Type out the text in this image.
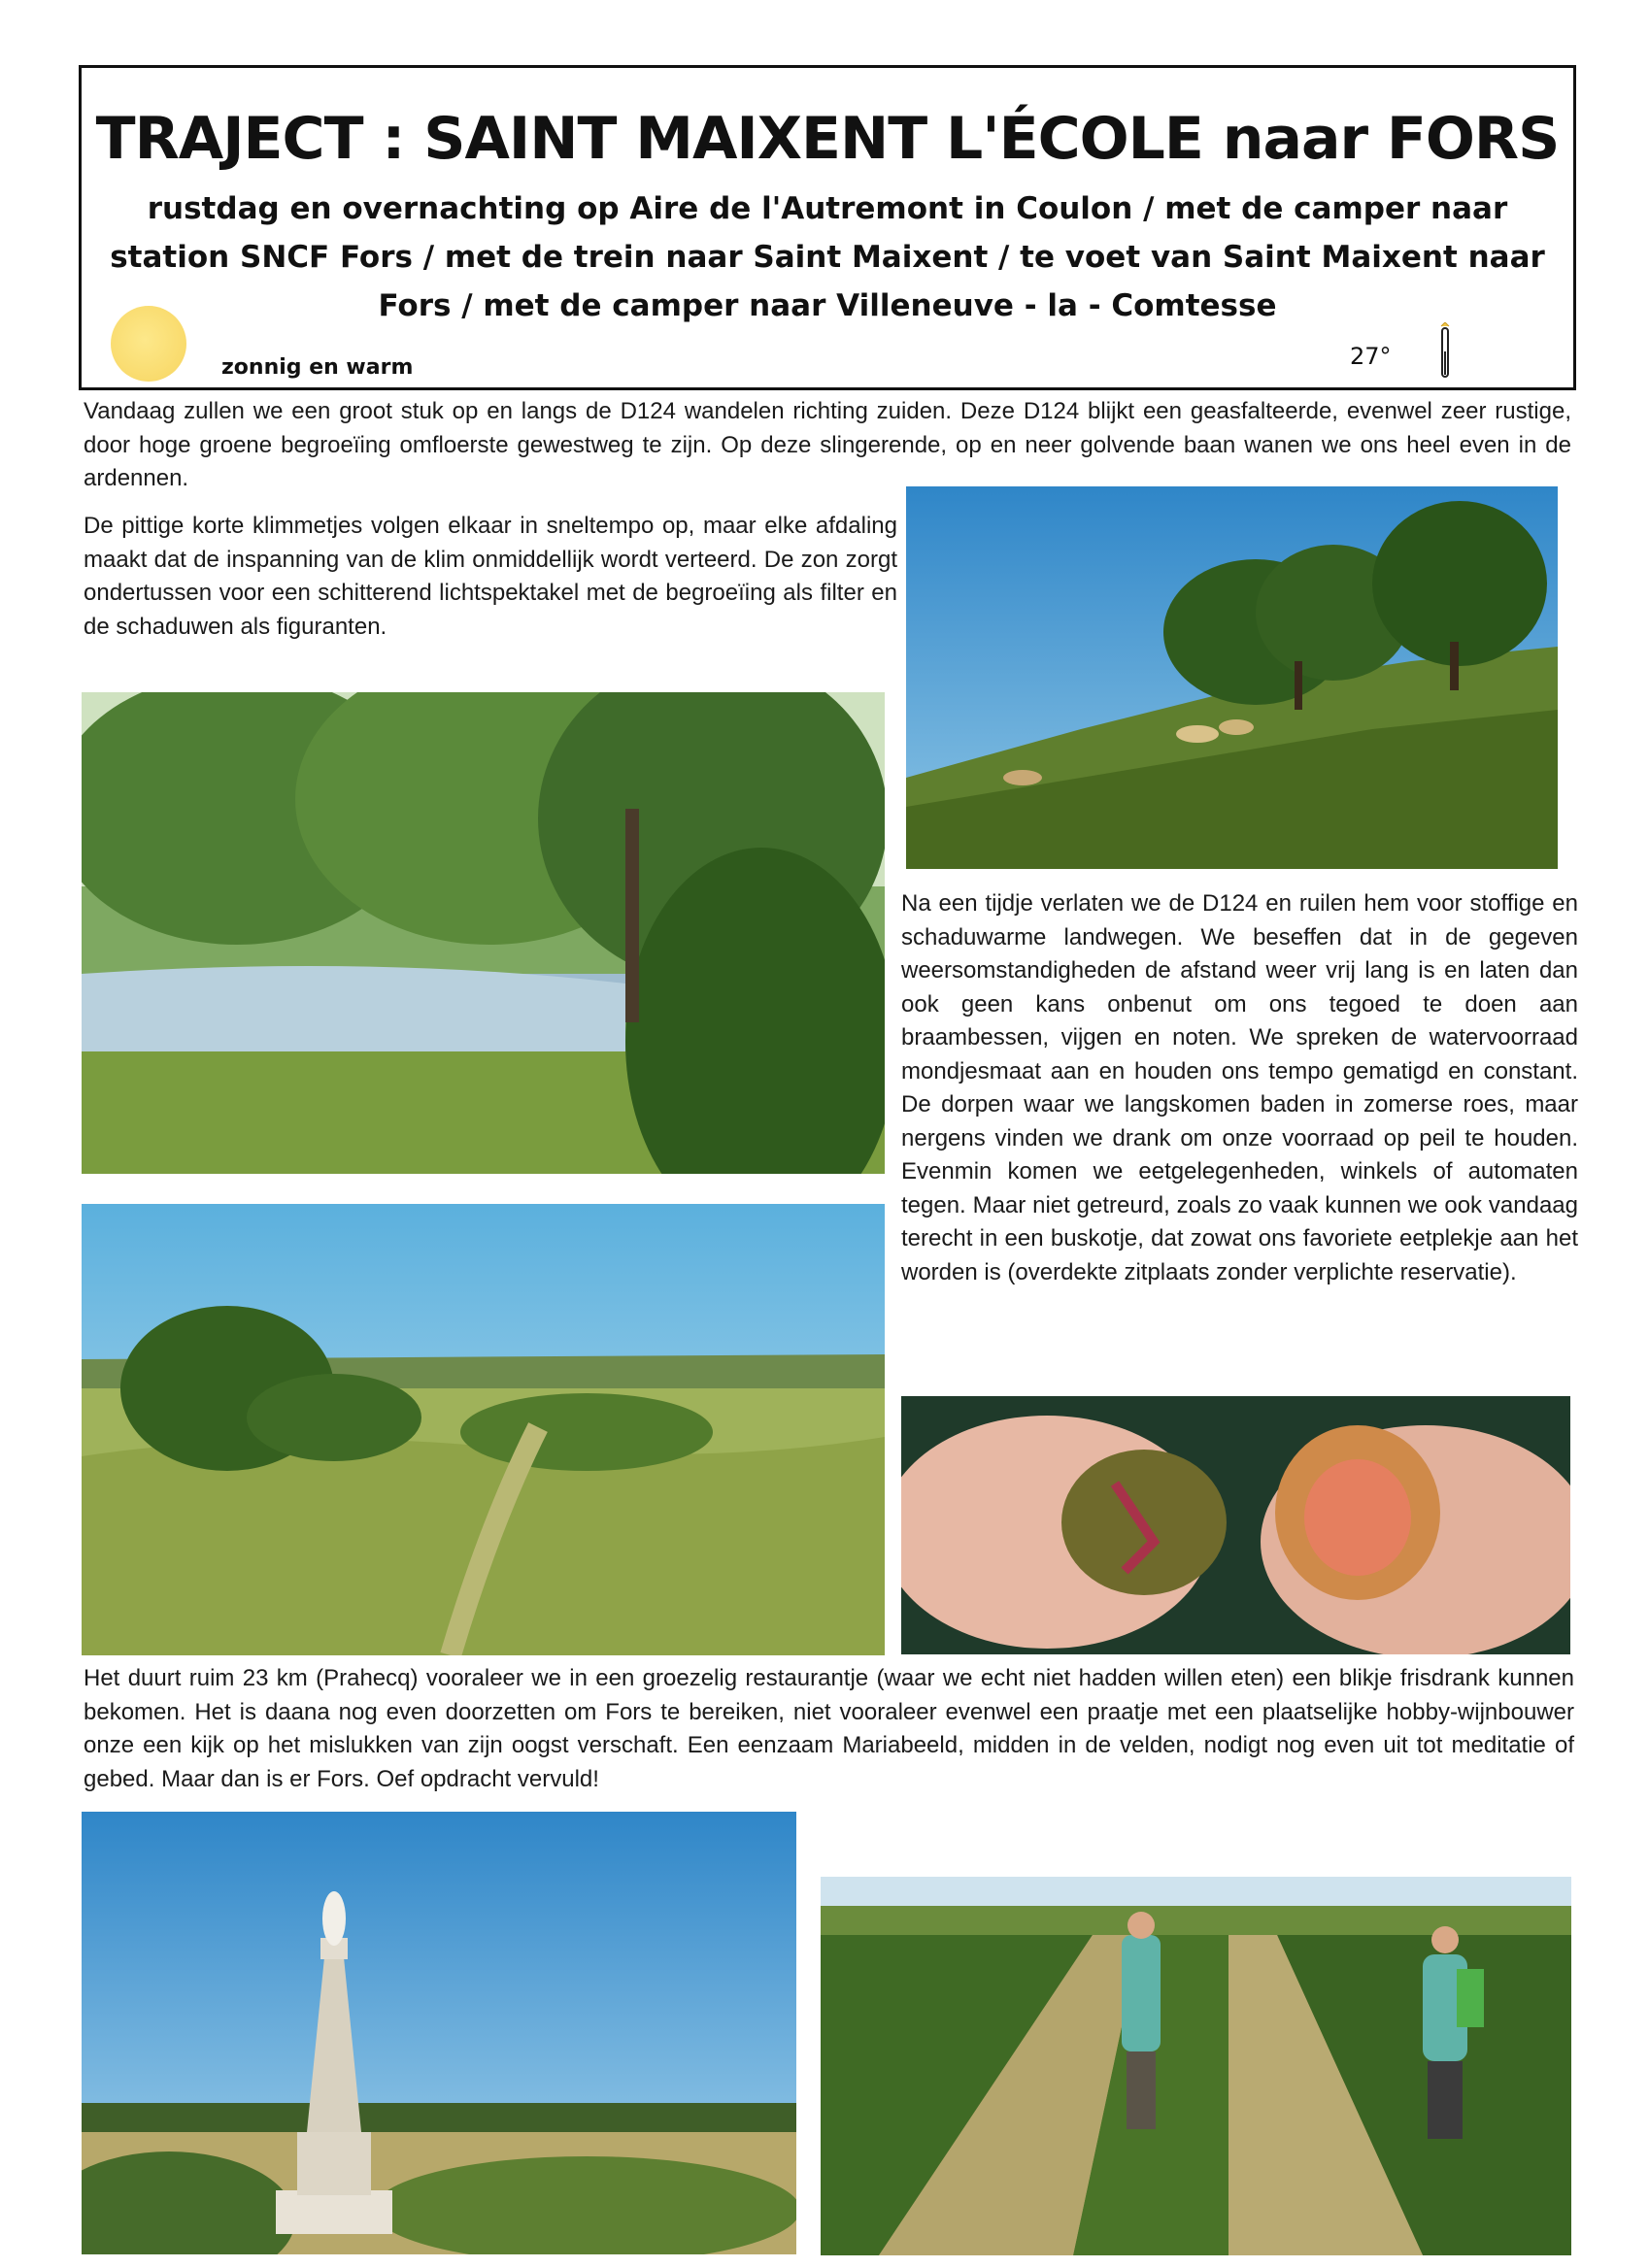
TRAJECT : SAINT MAIXENT L'ÉCOLE naar FORS

rustdag en overnachting op Aire de l'Autremont in Coulon / met de camper naar station SNCF Fors / met de trein naar Saint Maixent / te voet van Saint Maixent naar Fors / met de camper naar Villeneuve - la - Comtesse

zonnig en warm	27°

Vandaag zullen we een groot stuk op en langs de D124 wandelen richting zuiden. Deze D124 blijkt een geasfalteerde, evenwel zeer rustige, door hoge groene begroeïing omfloerste gewestweg te zijn. Op deze slingerende, op en neer golvende baan wanen we ons heel even in de ardennen.

De pittige korte klimmetjes volgen elkaar in sneltempo op, maar elke afdaling maakt dat de inspanning van de klim onmiddellijk wordt verteerd. De zon zorgt ondertussen voor een schitterend lichtspektakel met de begroeïing als filter en de schaduwen als figuranten.

Na een tijdje verlaten we de D124 en ruilen hem voor stoffige en schaduwarme landwegen. We beseffen dat in de gegeven weersomstandigheden de afstand weer vrij lang is en laten dan ook geen kans onbenut om ons tegoed te doen aan braambessen, vijgen en noten. We spreken de watervoorraad mondjesmaat aan en houden ons tempo gematigd en constant. De dorpen waar we langskomen baden in zomerse roes, maar nergens vinden we drank om onze voorraad op peil te houden. Evenmin komen we eetgelegenheden, winkels of automaten tegen. Maar niet getreurd, zoals zo vaak kunnen we ook vandaag terecht in een buskotje, dat zowat ons favoriete eetplekje aan het worden is (overdekte zitplaats zonder verplichte reservatie).

Het duurt ruim 23 km (Prahecq) vooraleer we in een groezelig restaurantje (waar we echt niet hadden willen eten) een blikje frisdrank kunnen bekomen. Het is daana nog even doorzetten om Fors te bereiken, niet vooraleer evenwel een praatje met een plaatselijke hobby-wijnbouwer onze een kijk op het mislukken van zijn oogst verschaft. Een eenzaam Mariabeeld, midden in de velden, nodigt nog even uit tot meditatie of gebed. Maar dan is er Fors. Oef opdracht vervuld!
